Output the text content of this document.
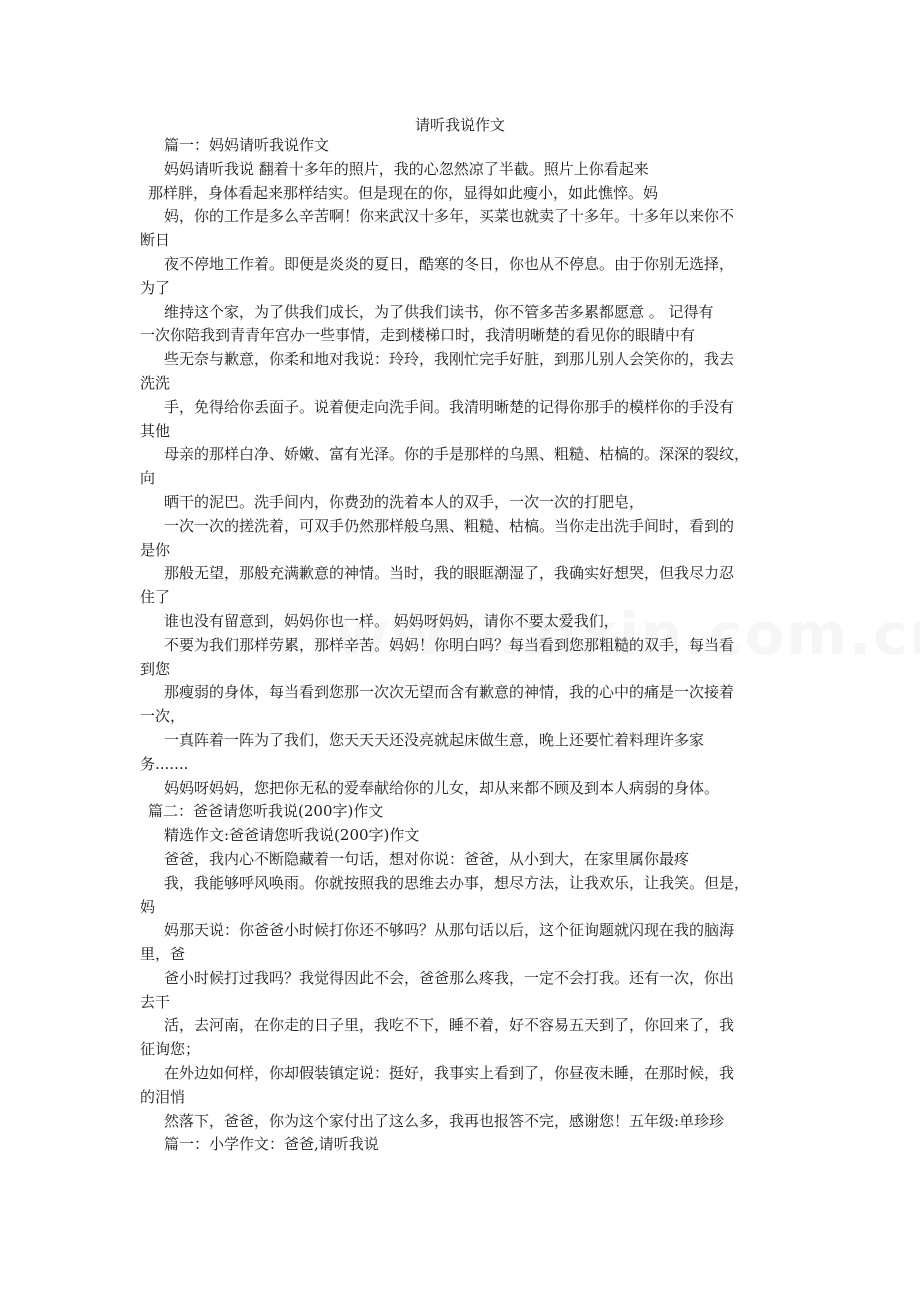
请听我说作文
篇一：妈妈请听我说作文
妈妈请听我说 翻着十多年的照片，我的心忽然凉了半截。照片上你看起来
那样胖，身体看起来那样结实。但是现在的你，显得如此瘦小，如此憔悴。妈
妈，你的工作是多么辛苦啊！你来武汉十多年，买菜也就卖了十多年。十多年以来你不
断日
夜不停地工作着。即便是炎炎的夏日，酷寒的冬日，你也从不停息。由于你别无选择，
为了
维持这个家，为了供我们成长，为了供我们读书，你不管多苦多累都愿意 。 记得有
一次你陪我到青青年宫办一些事情，走到楼梯口时，我清明晰楚的看见你的眼睛中有
些无奈与歉意，你柔和地对我说：玲玲，我刚忙完手好脏，到那儿别人会笑你的，我去
洗洗
手，免得给你丢面子。说着便走向洗手间。我清明晰楚的记得你那手的模样你的手没有
其他
母亲的那样白净、娇嫩、富有光泽。你的手是那样的乌黑、粗糙、枯槁的。深深的裂纹，
向
晒干的泥巴。洗手间内，你费劲的洗着本人的双手，一次一次的打肥皂，
一次一次的搓洗着，可双手仍然那样般乌黑、粗糙、枯槁。当你走出洗手间时，看到的
是你
那般无望，那般充满歉意的神情。当时，我的眼眶潮湿了，我确实好想哭，但我尽力忍
住了
谁也没有留意到，妈妈你也一样。 妈妈呀妈妈，请你不要太爱我们，
不要为我们那样劳累，那样辛苦。妈妈！你明白吗？每当看到您那粗糙的双手，每当看
到您
那瘦弱的身体，每当看到您那一次次无望而含有歉意的神情，我的心中的痛是一次接着
一次，
一真阵着一阵为了我们，您天天天还没亮就起床做生意，晚上还要忙着料理许多家
务.......
妈妈呀妈妈，您把你无私的爱奉献给你的儿女，却从来都不顾及到本人病弱的身体。
篇二：爸爸请您听我说(200字)作文
精选作文:爸爸请您听我说(200字)作文
爸爸，我内心不断隐藏着一句话，想对你说：爸爸，从小到大，在家里属你最疼
我，我能够呼风唤雨。你就按照我的思维去办事，想尽方法，让我欢乐，让我笑。但是，
妈
妈那天说：你爸爸小时候打你还不够吗？从那句话以后，这个征询题就闪现在我的脑海
里，爸
爸小时候打过我吗？我觉得因此不会，爸爸那么疼我，一定不会打我。还有一次，你出
去干
活，去河南，在你走的日子里，我吃不下，睡不着，好不容易五天到了，你回来了，我
征询您；
在外边如何样，你却假装镇定说：挺好，我事实上看到了，你昼夜未睡，在那时候，我
的泪悄
然落下，爸爸，你为这个家付出了这么多，我再也报答不完，感谢您！五年级:单珍珍
篇一：小学作文：爸爸,请听我说
